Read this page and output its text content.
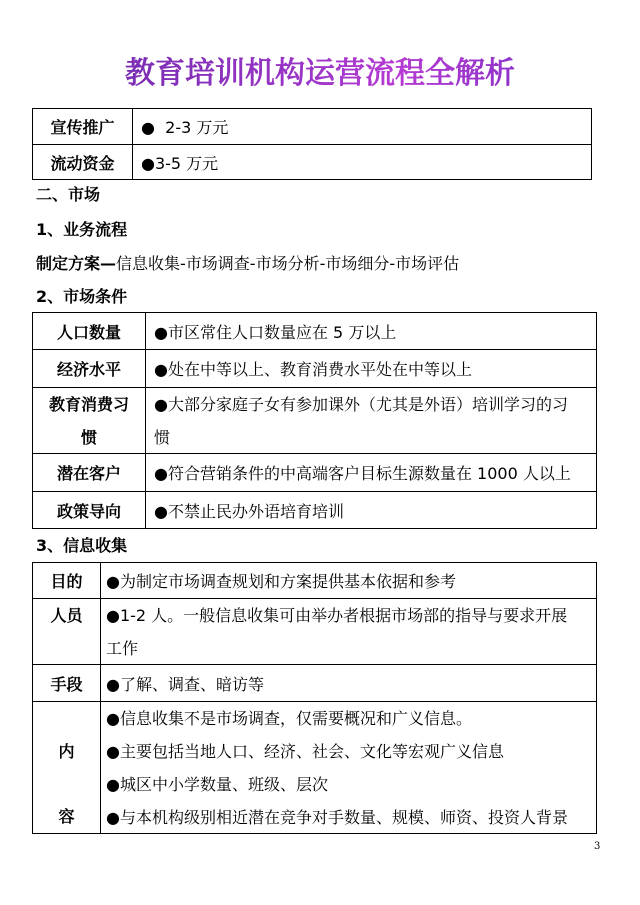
教育培训机构运营流程全解析
宣传推广	●  2-3 万元
流动资金	●3-5 万元
二、市场
1、业务流程
制定方案—信息收集-市场调查-市场分析-市场细分-市场评估
2、市场条件
人口数量 ●市区常住人口数量应在 5 万以上
经济水平 ●处在中等以上、教育消费水平处在中等以上
教育消费习
惯
●大部分家庭子女有参加课外（尤其是外语）培训学习的习
惯
潜在客户 ●符合营销条件的中高端客户目标生源数量在 1000 人以上
政策导向 ●不禁止民办外语培育培训
3、信息收集
目的 ●为制定市场调查规划和方案提供基本依据和参考
人员 ●1-2 人。一般信息收集可由举办者根据市场部的指导与要求开展
工作
手段 ●了解、调查、暗访等
内
容
●信息收集不是市场调查，仅需要概况和广义信息。
●主要包括当地人口、经济、社会、文化等宏观广义信息
●城区中小学数量、班级、层次
●与本机构级别相近潜在竞争对手数量、规模、师资、投资人背景
3
